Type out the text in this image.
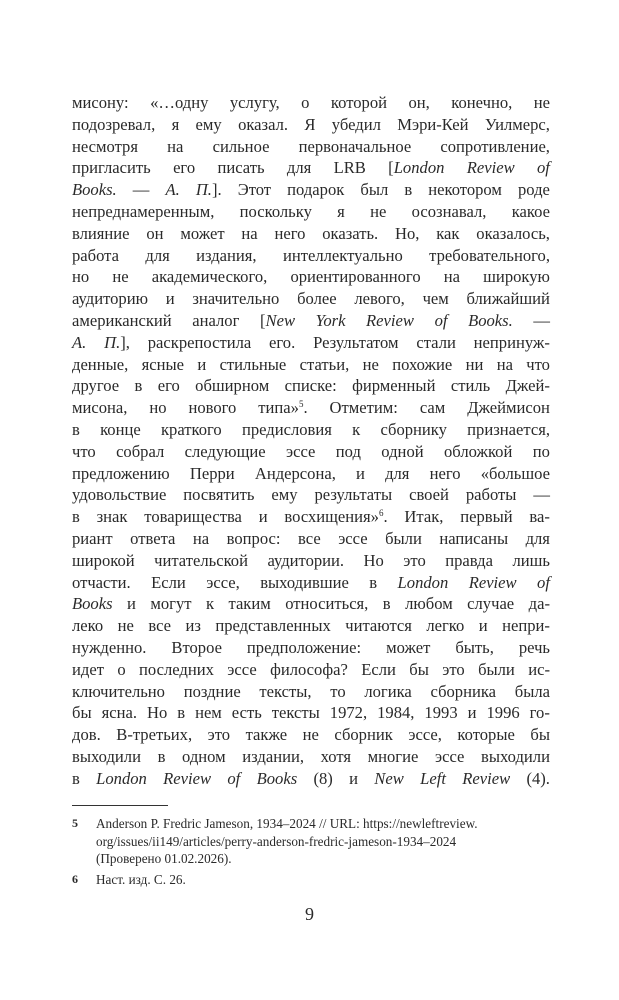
мисону: «…одну услугу, о которой он, конечно, не
подозревал, я ему оказал. Я убедил Мэри-Кей Уилмерс,
несмотря на сильное первоначальное сопротивление,
пригласить его писать для LRB [London Review of
Books. — А. П.]. Этот подарок был в некотором роде
непреднамеренным, поскольку я не осознавал, какое
влияние он может на него оказать. Но, как оказалось,
работа для издания, интеллектуально требовательного,
но не академического, ориентированного на широкую
аудиторию и значительно более левого, чем ближайший
американский аналог [New York Review of Books. —
А. П.], раскрепостила его. Результатом стали непринуж-
денные, ясные и стильные статьи, не похожие ни на что
другое в его обширном списке: фирменный стиль Джей-
мисона, но нового типа»$^5$. Отметим: сам Джеймисон
в конце краткого предисловия к сборнику признается,
что собрал следующие эссе под одной обложкой по
предложению Перри Андерсона, и для него «большое
удовольствие посвятить ему результаты своей работы —
в знак товарищества и восхищения»$^6$. Итак, первый ва-
риант ответа на вопрос: все эссе были написаны для
широкой читательской аудитории. Но это правда лишь
отчасти. Если эссе, выходившие в London Review of
Books и могут к таким относиться, в любом случае да-
леко не все из представленных читаются легко и непри-
нужденно. Второе предположение: может быть, речь
идет о последних эссе философа? Если бы это были ис-
ключительно поздние тексты, то логика сборника была
бы ясна. Но в нем есть тексты 1972, 1984, 1993 и 1996 го-
дов. В-третьих, это также не сборник эссе, которые бы
выходили в одном издании, хотя многие эссе выходили
в London Review of Books (8) и New Left Review (4).
5	Anderson P. Fredric Jameson, 1934–2024 // URL: https://newleftreview.
org/issues/ii149/articles/perry-anderson-fredric-jameson-1934–2024
(Проверено 01.02.2026).
6	Наст. изд. С. 26.
9
